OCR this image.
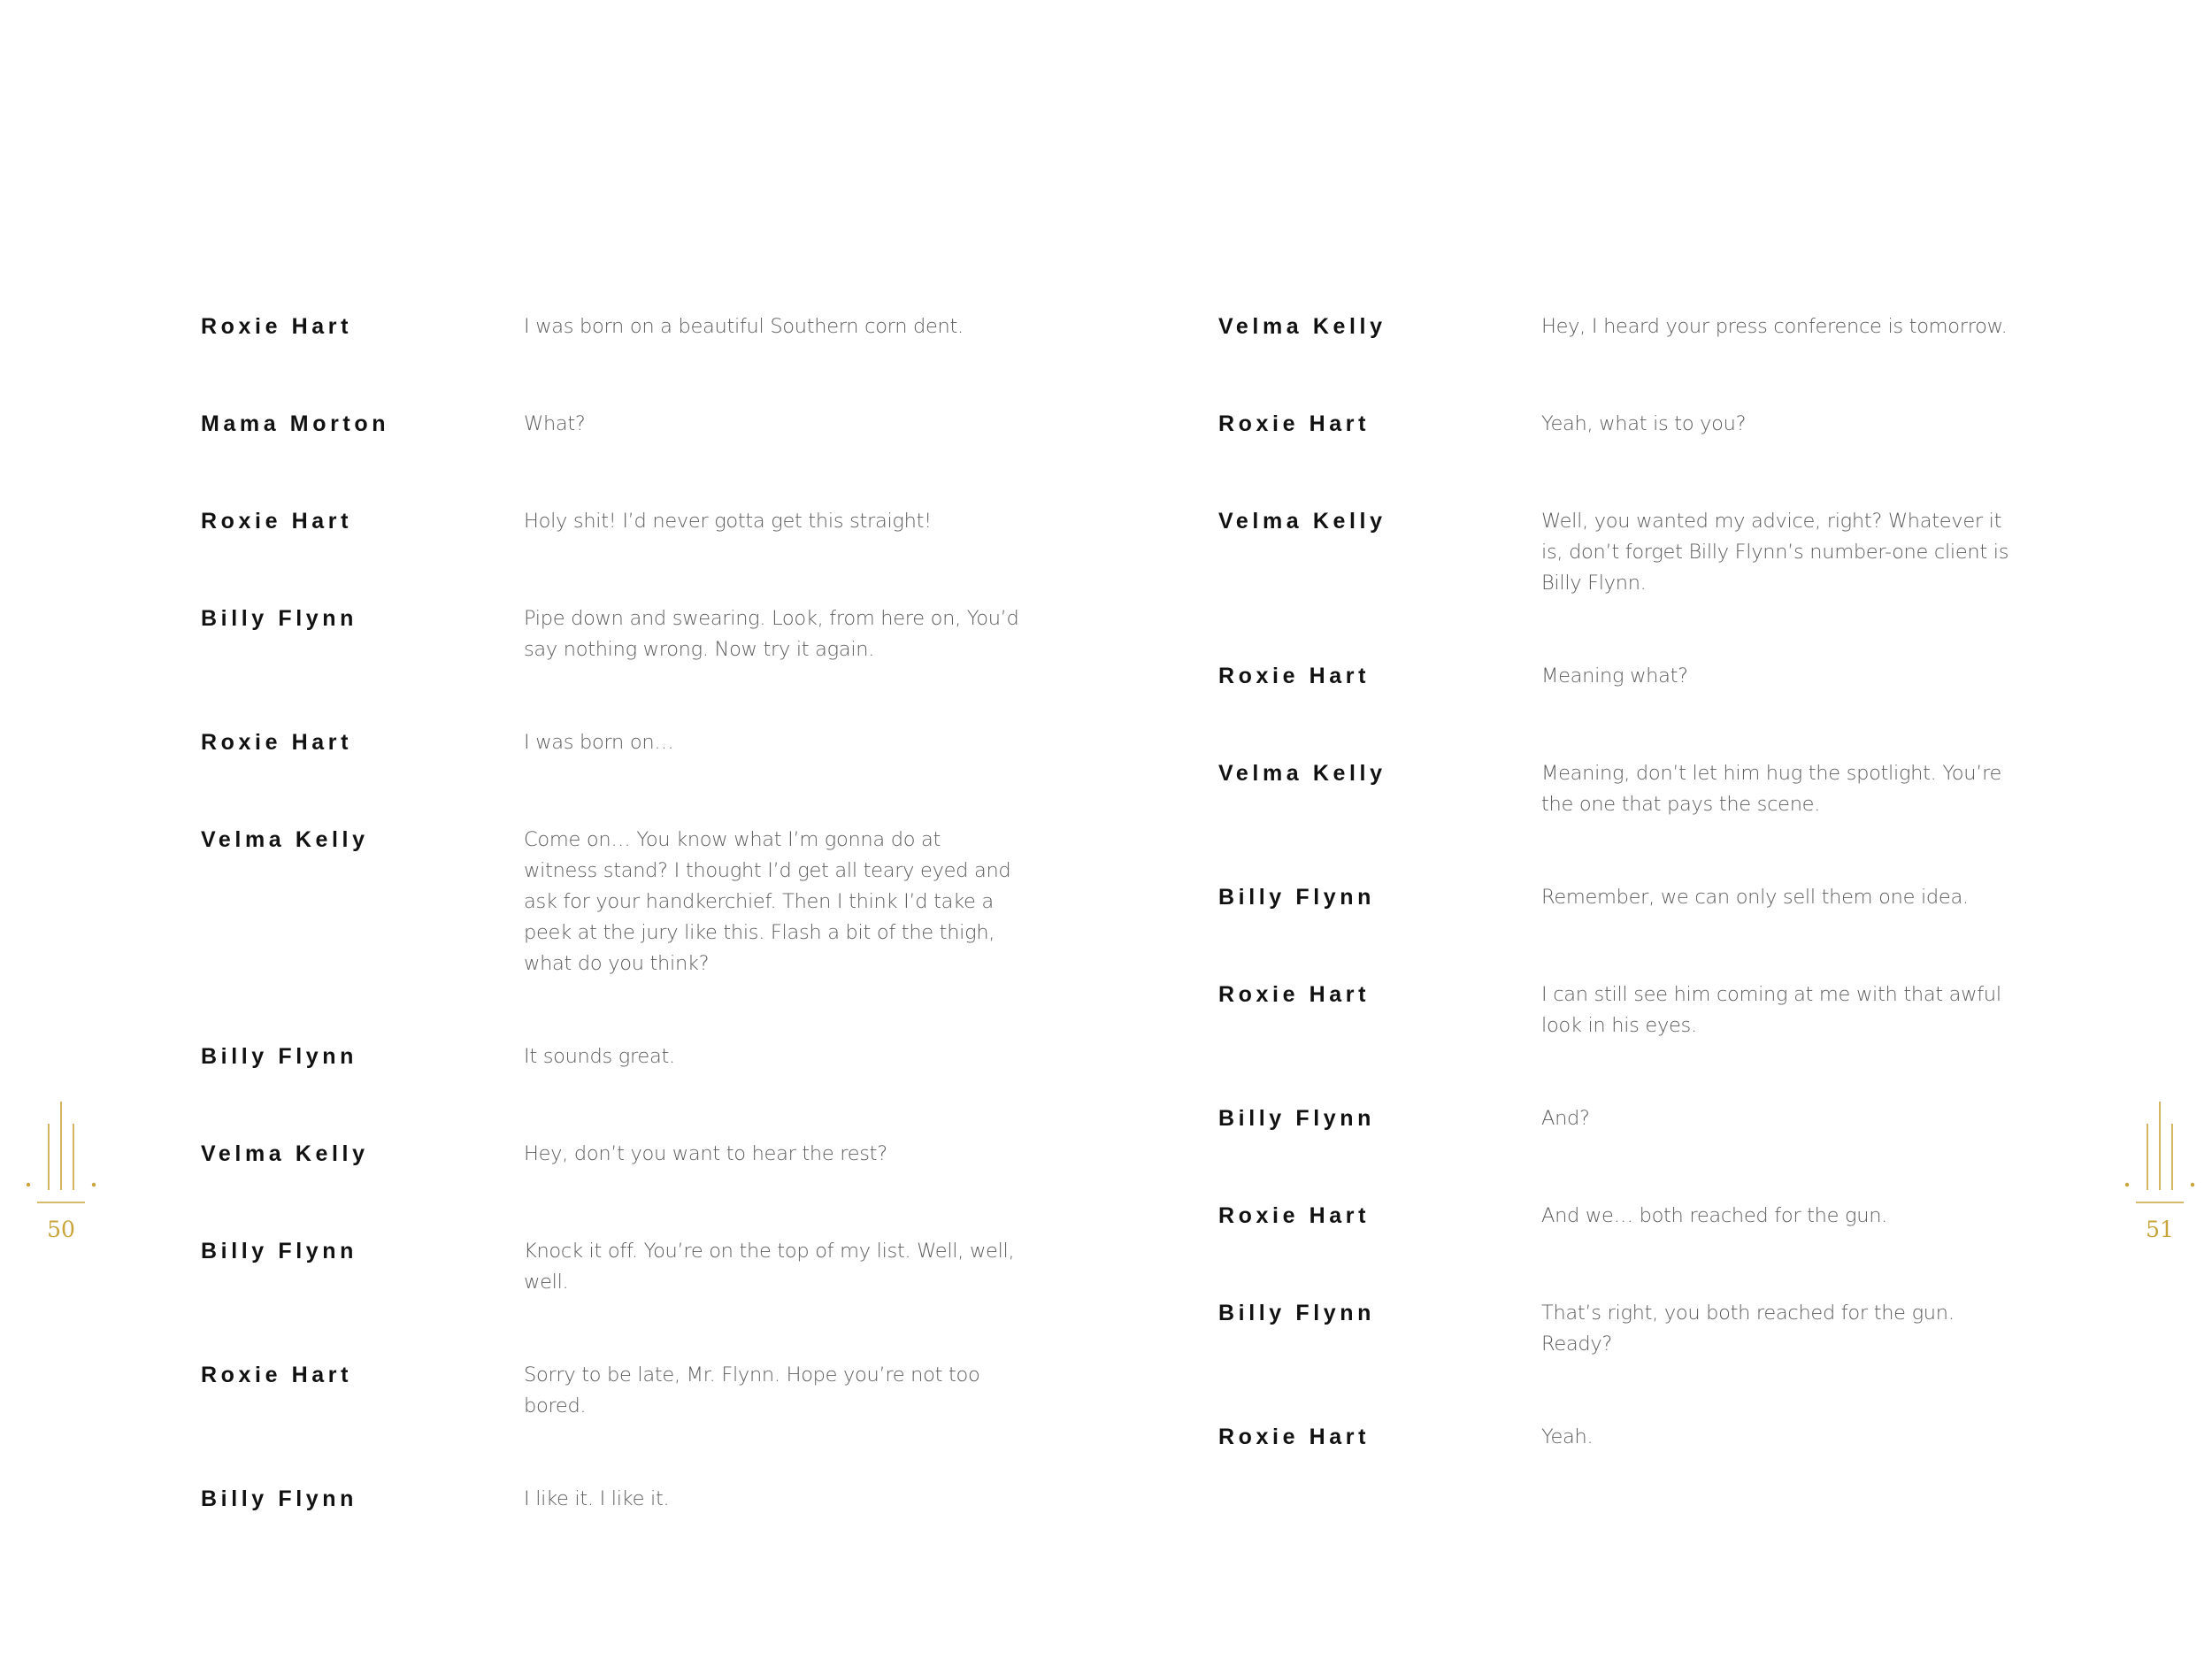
Roxie Hart	I was born on a beautiful Southern corn dent.
Mama Morton	What?
Roxie Hart	Holy shit! I’d never gotta get this straight!
Billy Flynn	Pipe down and swearing. Look, from here on, You’d say nothing wrong. Now try it again.
Roxie Hart	I was born on…
Velma Kelly	Come on… You know what I’m gonna do at witness stand? I thought I’d get all teary eyed and ask for your handkerchief. Then I think I’d take a peek at the jury like this. Flash a bit of the thigh, what do you think?
Billy Flynn	It sounds great.
Velma Kelly	Hey, don’t you want to hear the rest?
Billy Flynn	Knock it off. You’re on the top of my list. Well, well, well.
Roxie Hart	Sorry to be late, Mr. Flynn. Hope you’re not too bored.
Billy Flynn	I like it. I like it.
50
Velma Kelly	Hey, I heard your press conference is tomorrow.
Roxie Hart	Yeah, what is to you?
Velma Kelly	Well, you wanted my advice, right? Whatever it is, don’t forget Billy Flynn’s number-one client is Billy Flynn.
Roxie Hart	Meaning what?
Velma Kelly	Meaning, don’t let him hug the spotlight. You’re the one that pays the scene.
Billy Flynn	Remember, we can only sell them one idea.
Roxie Hart	I can still see him coming at me with that awful look in his eyes.
Billy Flynn	And?
Roxie Hart	And we… both reached for the gun.
Billy Flynn	That’s right, you both reached for the gun. Ready?
Roxie Hart	Yeah.
51
